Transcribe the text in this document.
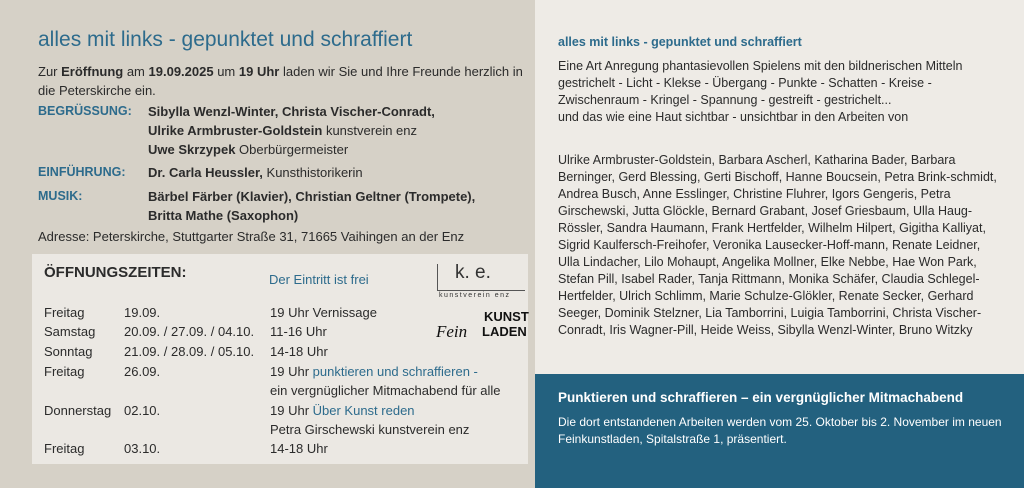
alles mit links - gepunktet und schraffiert
Zur Eröffnung am 19.09.2025 um 19 Uhr laden wir Sie und Ihre Freunde herzlich in die Peterskirche ein.
BEGRÜSSUNG: Sibylla Wenzl-Winter, Christa Vischer-Conradt,
Ulrike Armbruster-Goldstein kunstverein enz
Uwe Skrzypek Oberbürgermeister
EINFÜHRUNG: Dr. Carla Heussler, Kunsthistorikerin
MUSIK:	Bärbel Färber (Klavier), Christian Geltner (Trompete),
Britta Mathe (Saxophon)
Adresse: Peterskirche, Stuttgarter Straße 31, 71665 Vaihingen an der Enz
ÖFFNUNGSZEITEN:	Der Eintritt ist frei	k. e.
kunstverein enz
Fein
KUNST
LADEN
Freitag	19.09.	19 Uhr Vernissage
Samstag 20.09. / 27.09. / 04.10. 11-16 Uhr
Sonntag 21.09. / 28.09. / 05.10. 14-18 Uhr
Freitag	26.09.	19 Uhr punktieren und schraffieren -
ein vergnüglicher Mitmachabend für alle
Donnerstag 02.10.	19 Uhr Über Kunst reden
Petra Girschewski kunstverein enz
Freitag	03.10.	14-18 Uhr
alles mit links - gepunktet und schraffiert
Eine Art Anregung phantasievollen Spielens mit den bildnerischen Mitteln
gestrichelt - Licht - Klekse - Übergang - Punkte - Schatten - Kreise - Zwischenraum - Kringel - Spannung - gestreift - gestrichelt...
und das wie eine Haut sichtbar - unsichtbar in den Arbeiten von
Ulrike Armbruster-Goldstein, Barbara Ascherl, Katharina Bader, Barbara Berninger, Gerd Blessing, Gerti Bischoff, Hanne Boucsein, Petra Brink-schmidt, Andrea Busch, Anne Esslinger, Christine Fluhrer, Igors Gengeris, Petra Girschewski, Jutta Glöckle, Bernard Grabant, Josef Griesbaum, Ulla Haug-Rössler, Sandra Haumann, Frank Hertfelder, Wilhelm Hilpert, Gigitha Kalliyat, Sigrid Kaulfersch-Freihofer, Veronika Lausecker-Hoff-mann, Renate Leidner, Ulla Lindacher, Lilo Mohaupt, Angelika Mollner, Elke Nebbe, Hae Won Park, Stefan Pill, Isabel Rader, Tanja Rittmann, Monika Schäfer, Claudia Schlegel-Hertfelder, Ulrich Schlimm, Marie Schulze-Glökler, Renate Secker, Gerhard Seeger, Dominik Stelzner, Lia Tamborrini, Luigia Tamborrini, Christa Vischer-Conradt, Iris Wagner-Pill, Heide Weiss, Sibylla Wenzl-Winter, Bruno Witzky
Punktieren und schraffieren – ein vergnüglicher Mitmachabend
Die dort entstandenen Arbeiten werden vom 25. Oktober bis 2. November im neuen Feinkunstladen, Spitalstraße 1, präsentiert.
